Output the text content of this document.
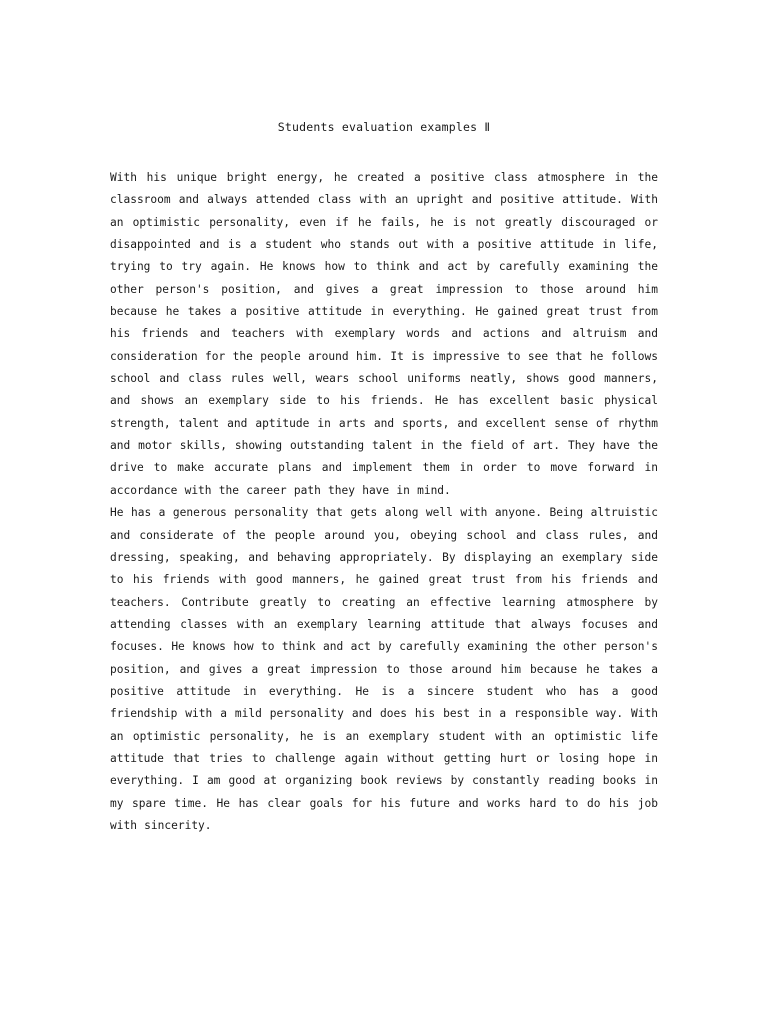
Students evaluation examples Ⅱ

With his unique bright energy, he created a positive class atmosphere in the classroom and always attended class with an upright and positive attitude. With an optimistic personality, even if he fails, he is not greatly discouraged or disappointed and is a student who stands out with a positive attitude in life, trying to try again. He knows how to think and act by carefully examining the other person's position, and gives a great impression to those around him because he takes a positive attitude in everything. He gained great trust from his friends and teachers with exemplary words and actions and altruism and consideration for the people around him. It is impressive to see that he follows school and class rules well, wears school uniforms neatly, shows good manners, and shows an exemplary side to his friends. He has excellent basic physical strength, talent and aptitude in arts and sports, and excellent sense of rhythm and motor skills, showing outstanding talent in the field of art. They have the drive to make accurate plans and implement them in order to move forward in accordance with the career path they have in mind.

He has a generous personality that gets along well with anyone. Being altruistic and considerate of the people around you, obeying school and class rules, and dressing, speaking, and behaving appropriately. By displaying an exemplary side to his friends with good manners, he gained great trust from his friends and teachers. Contribute greatly to creating an effective learning atmosphere by attending classes with an exemplary learning attitude that always focuses and focuses. He knows how to think and act by carefully examining the other person's position, and gives a great impression to those around him because he takes a positive attitude in everything. He is a sincere student who has a good friendship with a mild personality and does his best in a responsible way. With an optimistic personality, he is an exemplary student with an optimistic life attitude that tries to challenge again without getting hurt or losing hope in everything. I am good at organizing book reviews by constantly reading books in my spare time. He has clear goals for his future and works hard to do his job with sincerity.
